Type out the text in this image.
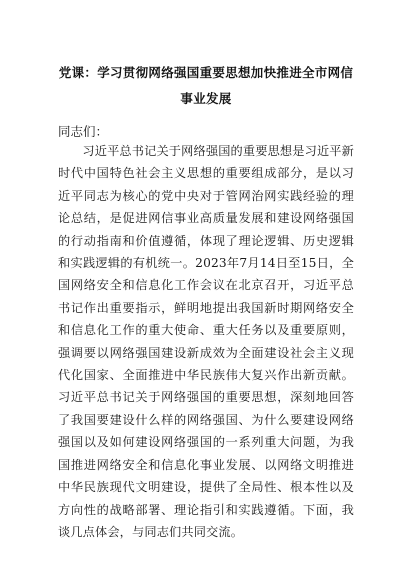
党课：学习贯彻网络强国重要思想加快推进全市网信事业发展

同志们：

习近平总书记关于网络强国的重要思想是习近平新时代中国特色社会主义思想的重要组成部分，是以习近平同志为核心的党中央对于管网治网实践经验的理论总结，是促进网信事业高质量发展和建设网络强国的行动指南和价值遵循，体现了理论逻辑、历史逻辑和实践逻辑的有机统一。2023年7月14日至15日，全国网络安全和信息化工作会议在北京召开，习近平总书记作出重要指示，鲜明地提出我国新时期网络安全和信息化工作的重大使命、重大任务以及重要原则，强调要以网络强国建设新成效为全面建设社会主义现代化国家、全面推进中华民族伟大复兴作出新贡献。习近平总书记关于网络强国的重要思想，深刻地回答了我国要建设什么样的网络强国、为什么要建设网络强国以及如何建设网络强国的一系列重大问题，为我国推进网络安全和信息化事业发展、以网络文明推进中华民族现代文明建设，提供了全局性、根本性以及方向性的战略部署、理论指引和实践遵循。下面，我谈几点体会，与同志们共同交流。
